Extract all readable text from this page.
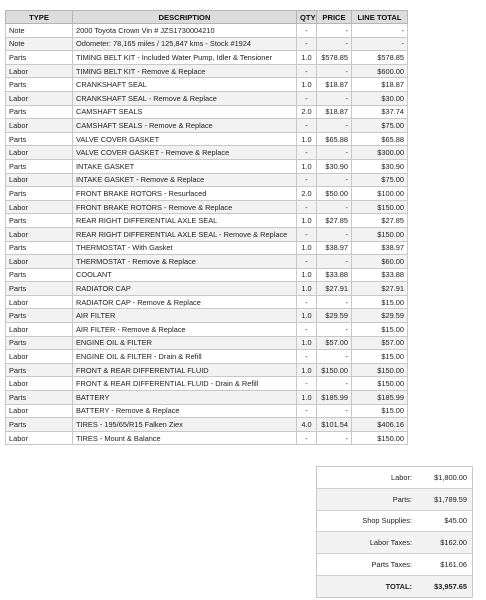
TYPE	DESCRIPTION	QTY	PRICE	LINE TOTAL
Note	2000 Toyota Crown Vin # JZS1730004210	-	-	-
Note	Odometer: 78,165 miles / 125,847 kms - Stock #1924	-	-	-
Parts	TIMING BELT KIT - Included Water Pump, Idler & Tensioner	1.0	$578.85	$578.85
Labor	TIMING BELT KIT - Remove & Replace	-	-	$600.00
Parts	CRANKSHAFT SEAL	1.0	$18.87	$18.87
Labor	CRANKSHAFT SEAL - Remove & Replace	-	-	$30.00
Parts	CAMSHAFT SEALS	2.0	$18.87	$37.74
Labor	CAMSHAFT SEALS - Remove & Replace	-	-	$75.00
Parts	VALVE COVER GASKET	1.0	$65.88	$65.88
Labor	VALVE COVER GASKET - Remove & Replace	-	-	$300.00
Parts	INTAKE GASKET	1.0	$30.90	$30.90
Labor	INTAKE GASKET - Remove & Replace	-	-	$75.00
Parts	FRONT BRAKE ROTORS - Resurfaced	2.0	$50.00	$100.00
Labor	FRONT BRAKE ROTORS - Remove & Replace	-	-	$150.00
Parts	REAR RIGHT DIFFERENTIAL AXLE SEAL	1.0	$27.85	$27.85
Labor	REAR RIGHT DIFFERENTIAL AXLE SEAL - Remove & Replace	-	-	$150.00
Parts	THERMOSTAT - With Gasket	1.0	$38.97	$38.97
Labor	THERMOSTAT - Remove & Replace	-	-	$60.00
Parts	COOLANT	1.0	$33.88	$33.88
Parts	RADIATOR CAP	1.0	$27.91	$27.91
Labor	RADIATOR CAP - Remove & Replace	-	-	$15.00
Parts	AIR FILTER	1.0	$29.59	$29.59
Labor	AIR FILTER - Remove & Replace	-	-	$15.00
Parts	ENGINE OIL & FILTER	1.0	$57.00	$57.00
Labor	ENGINE OIL & FILTER - Drain & Refill	-	-	$15.00
Parts	FRONT & REAR DIFFERENTIAL FLUID	1.0	$150.00	$150.00
Labor	FRONT & REAR DIFFERENTIAL FLUID - Drain & Refill	-	-	$150.00
Parts	BATTERY	1.0	$185.99	$185.99
Labor	BATTERY - Remove & Replace	-	-	$15.00
Parts	TIRES - 195/65/R15 Falken Ziex	4.0	$101.54	$406.16
Labor	TIRES - Mount & Balance	-	-	$150.00
Labor:	$1,800.00
Parts:	$1,789.59
Shop Supplies:	$45.00
Labor Taxes:	$162.00
Parts Taxes:	$161.06
TOTAL:	$3,957.65
